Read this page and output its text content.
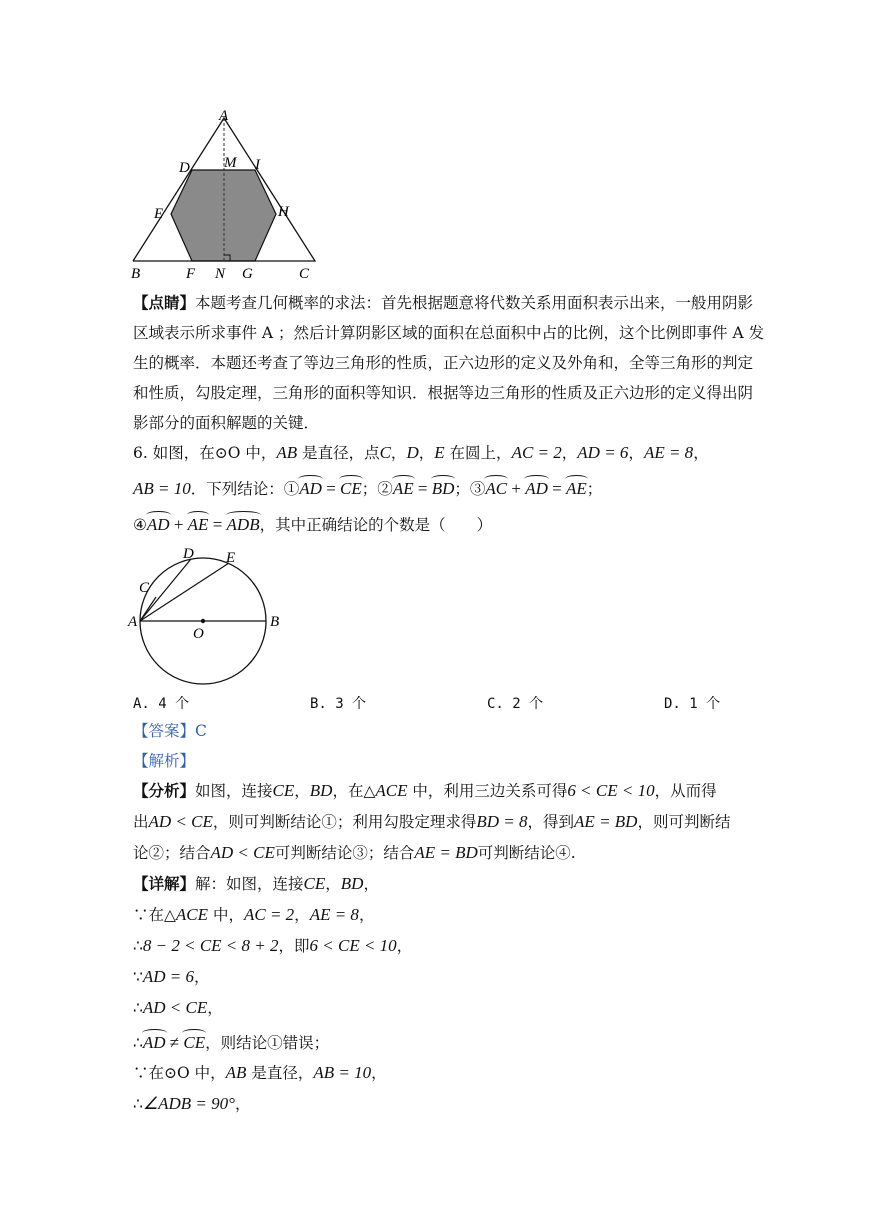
A
D M I
E	H
B	F N G	C
【点睛】本题考查几何概率的求法：首先根据题意将代数关系用面积表示出来，一般用阴影
区域表示所求事件 A ；然后计算阴影区域的面积在总面积中占的比例，这个比例即事件 A 发
生的概率．本题还考查了等边三角形的性质，正六边形的定义及外角和，全等三角形的判定
和性质，勾股定理，三角形的面积等知识．根据等边三角形的性质及正六边形的定义得出阴
影部分的面积解题的关键．
6. 如图，在⊙O 中，AB 是直径，点C，D，E 在圆上，AC = 2，AD = 6，AE = 8，
AB = 10．下列结论：①AD = CE；②AE = BD；③AC + AD = AE；
④AD + AE = ADB，其中正确结论的个数是（　　）
A	B
C
D E
O
A. 4 个	B. 3 个	C. 2 个	D. 1 个
【答案】C
【解析】
【分析】如图，连接CE，BD，在△ACE 中，利用三边关系可得6 < CE < 10，从而得
出AD < CE，则可判断结论①；利用勾股定理求得BD = 8，得到AE = BD，则可判断结
论②；结合AD < CE可判断结论③；结合AE = BD可判断结论④.
【详解】解：如图，连接CE，BD，
∵在△ACE 中，AC = 2，AE = 8，
∴8 − 2 < CE < 8 + 2，即6 < CE < 10，
∵AD = 6，
∴AD < CE，
∴AD ≠ CE，则结论①错误；
∵在⊙O 中，AB 是直径，AB = 10，
∴∠ADB = 90°，
